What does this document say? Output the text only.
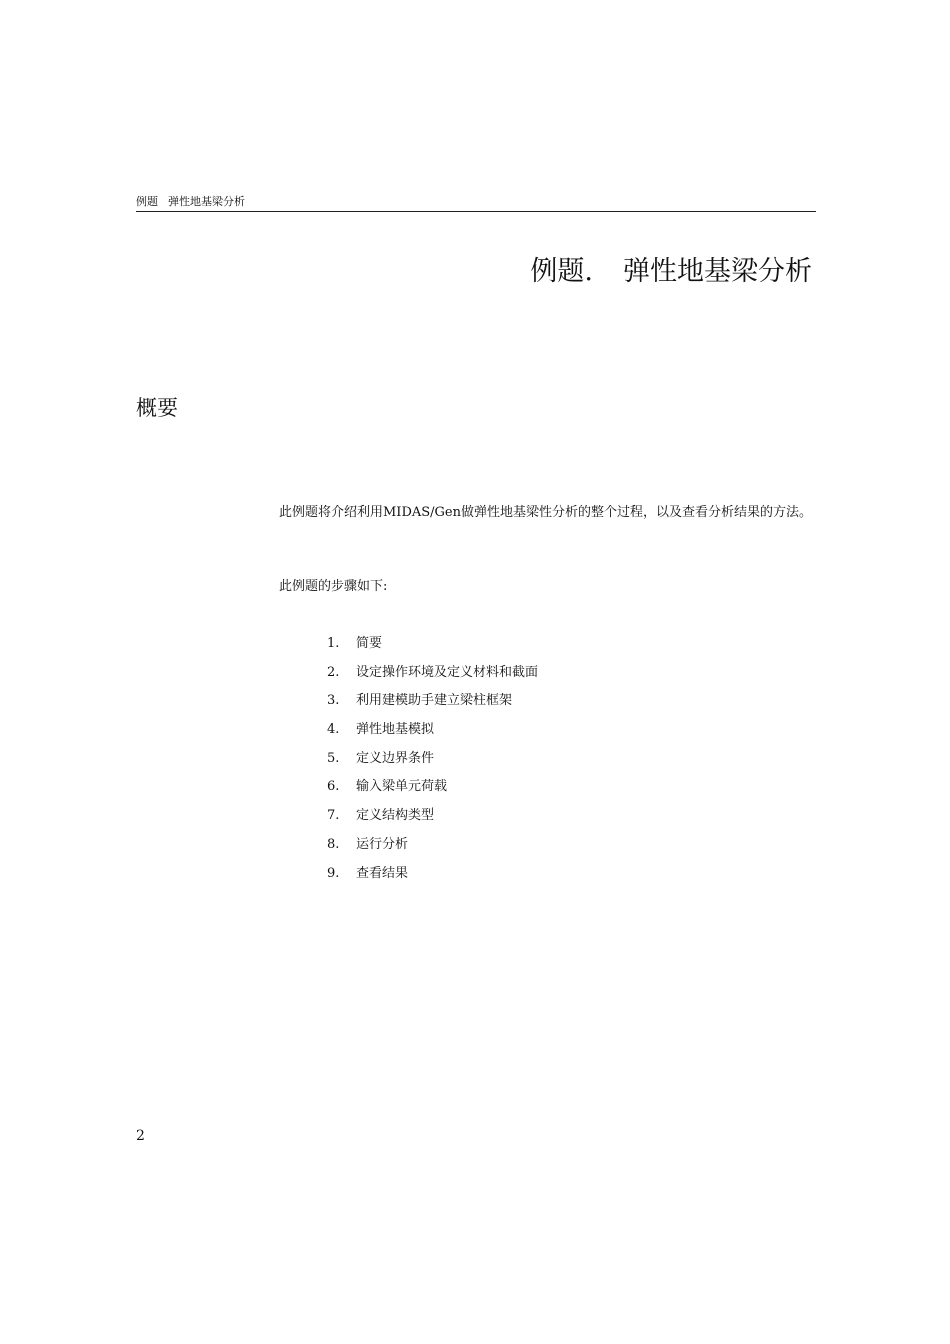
例题 弹性地基梁分析
例题. 弹性地基梁分析
概要

此例题将介绍利用MIDAS/Gen做弹性地基梁性分析的整个过程，以及查看分析结果的方法。

此例题的步骤如下:

1. 简要
2. 设定操作环境及定义材料和截面
3. 利用建模助手建立梁柱框架
4. 弹性地基模拟
5. 定义边界条件
6. 输入梁单元荷载
7. 定义结构类型
8. 运行分析
9. 查看结果
2
